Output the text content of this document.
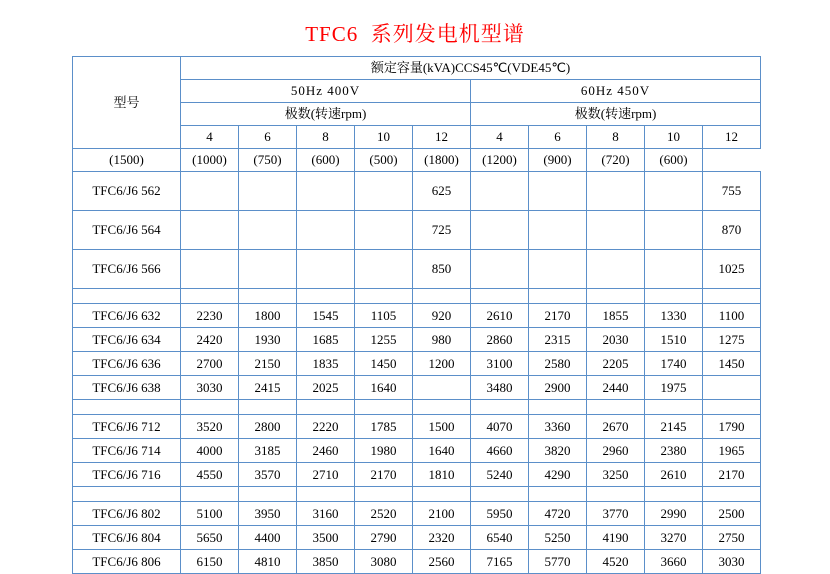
TFC6  系列发电机型谱
型号	额定容量(kVA)CCS45℃(VDE45℃)									
	50Hz 400V					60Hz 450V				
	极数(转速rpm)					极数(转速rpm)				
	4	6	8	10	12	4	6	8	10	12
(1500)	(1000)	(750)	(600)	(500)	(1800)	(1200)	(900)	(720)	(600)	
TFC6/J6 562					625					755
TFC6/J6 564					725					870
TFC6/J6 566					850					1025

TFC6/J6 632	2230	1800	1545	1105	920	2610	2170	1855	1330	1100
TFC6/J6 634	2420	1930	1685	1255	980	2860	2315	2030	1510	1275
TFC6/J6 636	2700	2150	1835	1450	1200	3100	2580	2205	1740	1450
TFC6/J6 638	3030	2415	2025	1640		3480	2900	2440	1975	

TFC6/J6 712	3520	2800	2220	1785	1500	4070	3360	2670	2145	1790
TFC6/J6 714	4000	3185	2460	1980	1640	4660	3820	2960	2380	1965
TFC6/J6 716	4550	3570	2710	2170	1810	5240	4290	3250	2610	2170

TFC6/J6 802	5100	3950	3160	2520	2100	5950	4720	3770	2990	2500
TFC6/J6 804	5650	4400	3500	2790	2320	6540	5250	4190	3270	2750
TFC6/J6 806	6150	4810	3850	3080	2560	7165	5770	4520	3660	3030
